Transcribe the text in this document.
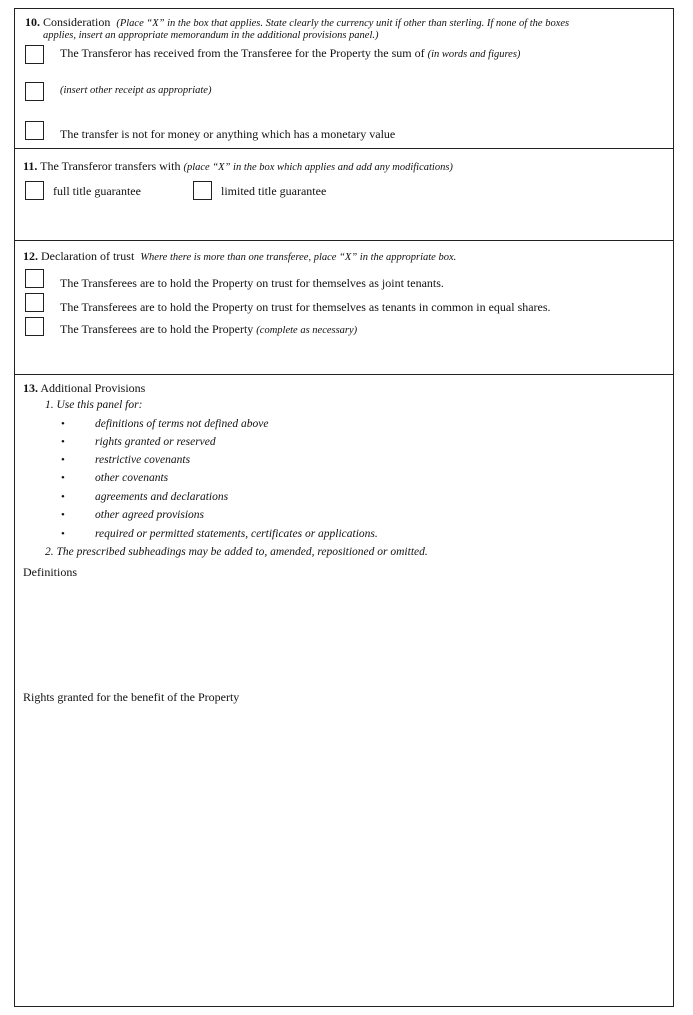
10. Consideration (Place “X” in the box that applies. State clearly the currency unit if other than sterling. If none of the boxes
applies, insert an appropriate memorandum in the additional provisions panel.)
The Transferor has received from the Transferee for the Property the sum of (in words and figures)
(insert other receipt as appropriate)
The transfer is not for money or anything which has a monetary value
11. The Transferor transfers with (place “X” in the box which applies and add any modifications)
full title guarantee	limited title guarantee
12. Declaration of trust Where there is more than one transferee, place “X” in the appropriate box.
The Transferees are to hold the Property on trust for themselves as joint tenants.
The Transferees are to hold the Property on trust for themselves as tenants in common in equal shares.
The Transferees are to hold the Property (complete as necessary)
13. Additional Provisions
1. Use this panel for:
•	definitions of terms not defined above
•	rights granted or reserved
•	restrictive covenants
•	other covenants
•	agreements and declarations
•	other agreed provisions
•	required or permitted statements, certificates or applications.
2. The prescribed subheadings may be added to, amended, repositioned or omitted.
Definitions
Rights granted for the benefit of the Property
